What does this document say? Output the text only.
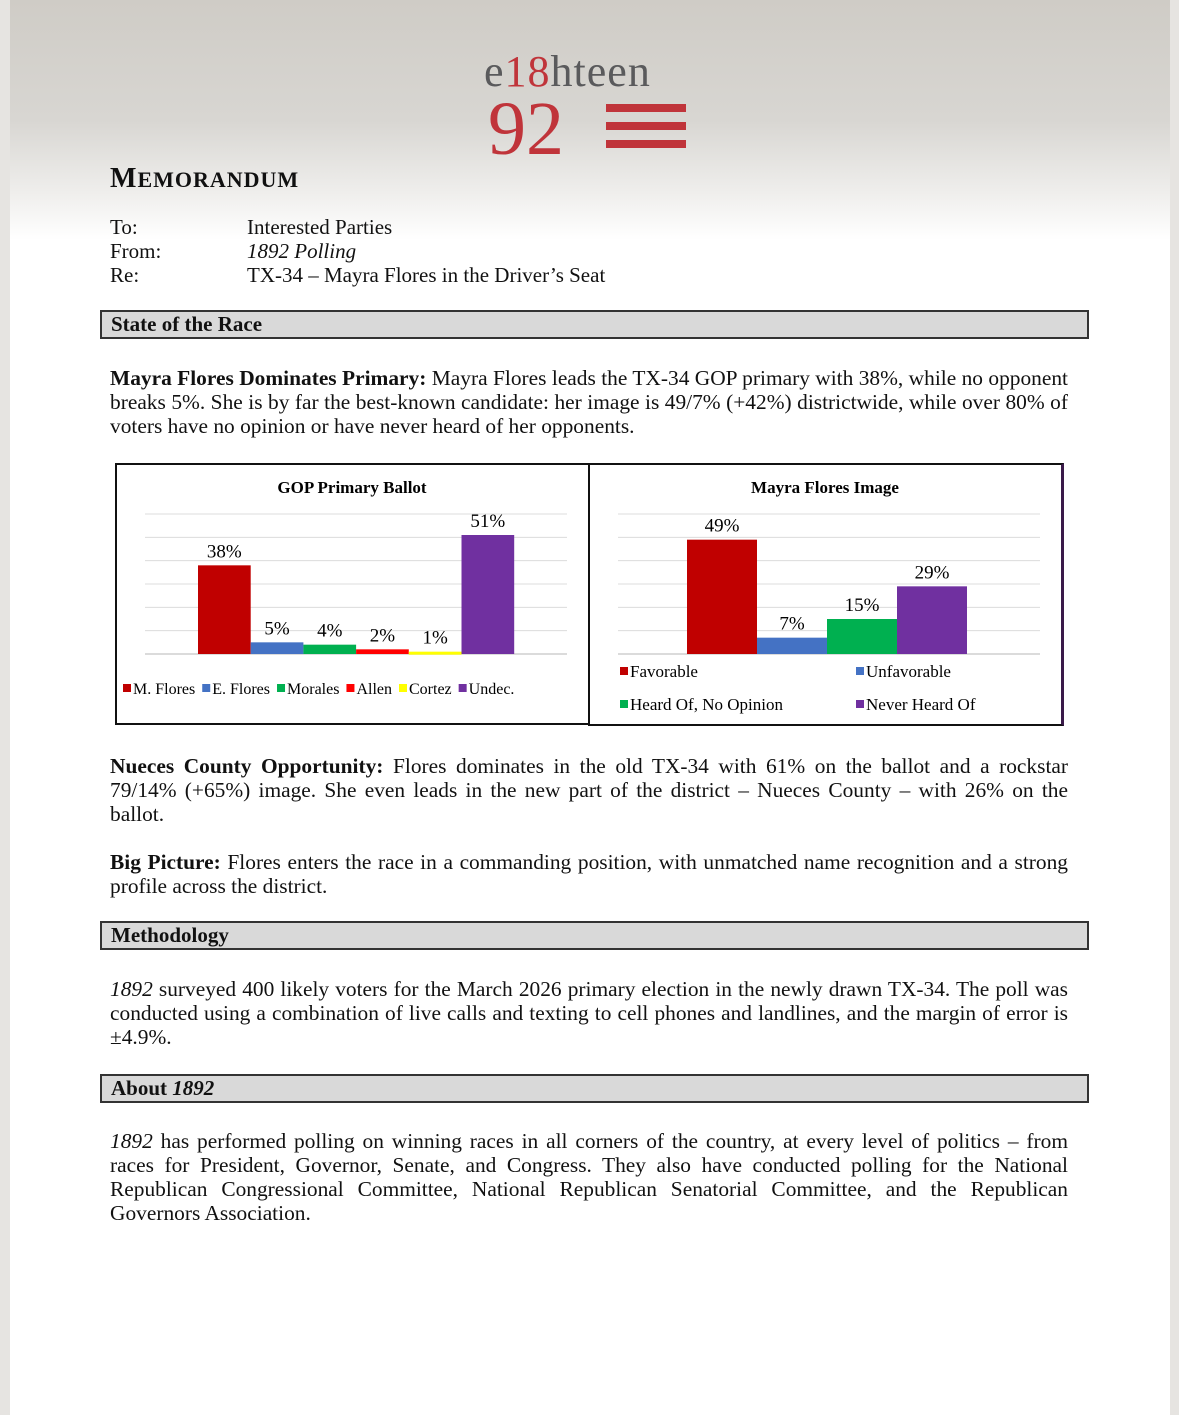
e18hteen
92
MEMORANDUM
To:	Interested Parties
From:	1892 Polling
Re:	TX-34 – Mayra Flores in the Driver’s Seat
State of the Race
Mayra Flores Dominates Primary: Mayra Flores leads the TX-34 GOP primary with 38%, while no opponent breaks 5%. She is by far the best-known candidate: her image is 49/7% (+42%) districtwide, while over 80% of voters have no opinion or have never heard of her opponents.
GOP Primary Ballot
38%
5% 4% 2% 1%
51%
M. Flores E. Flores Morales Allen Cortez Undec.
Mayra Flores Image
49%
7%
15%
29%
Favorable	Unfavorable
Heard Of, No Opinion	Never Heard Of
Nueces County Opportunity: Flores dominates in the old TX-34 with 61% on the ballot and a rockstar 79/14% (+65%) image. She even leads in the new part of the district – Nueces County – with 26% on the ballot.
Big Picture: Flores enters the race in a commanding position, with unmatched name recognition and a strong profile across the district.
Methodology
1892 surveyed 400 likely voters for the March 2026 primary election in the newly drawn TX-34. The poll was conducted using a combination of live calls and texting to cell phones and landlines, and the margin of error is ±4.9%.
About 1892
1892 has performed polling on winning races in all corners of the country, at every level of politics – from races for President, Governor, Senate, and Congress. They also have conducted polling for the National Republican Congressional Committee, National Republican Senatorial Committee, and the Republican Governors Association.
